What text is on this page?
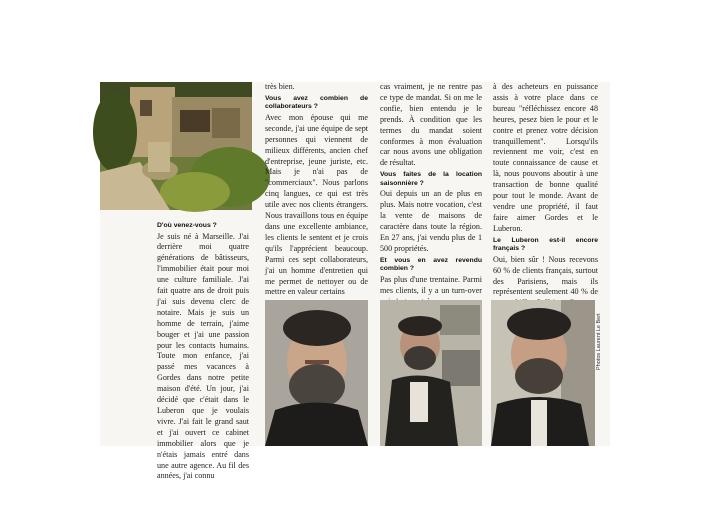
D'où venez-vous ?

Je suis né à Marseille. J'ai derrière moi quatre générations de bâtisseurs, l'immobilier était pour moi une culture familiale. J'ai fait quatre ans de droit puis j'ai suis devenu clerc de notaire. Mais je suis un homme de terrain, j'aime bouger et j'ai une passion pour les contacts humains. Toute mon enfance, j'ai passé mes vacances à Gordes dans notre petite maison d'été. Un jour, j'ai décidé que c'était dans le Luberon que je voulais vivre. J'ai fait le grand saut et j'ai ouvert ce cabinet immobilier alors que je n'étais jamais entré dans une autre agence. Au fil des années, j'ai connu

très bien.

Vous avez combien de collaborateurs ?

Avec mon épouse qui me seconde, j'ai une équipe de sept personnes qui viennent de milieux différents, ancien chef d'entreprise, jeune juriste, etc. Mais je n'ai pas de "commerciaux". Nous parlons cinq langues, ce qui est très utile avec nos clients étrangers. Nous travaillons tous en équipe dans une excellente ambiance, les clients le sentent et je crois qu'ils l'apprécient beaucoup. Parmi ces sept collaborateurs, j'ai un homme d'entretien qui me permet de nettoyer ou de mettre en valeur certains

cas vraiment, je ne rentre pas ce type de mandat. Si on me le confie, bien entendu je le prends. À condition que les termes du mandat soient conformes à mon évaluation car nous avons une obligation de résultat.

Vous faites de la location saisonnière ?

Oui depuis un an de plus en plus. Mais notre vocation, c'est la vente de maisons de caractère dans toute la région. En 27 ans, j'ai vendu plus de 1 500 propriétés.

Et vous en avez revendu combien ?

Pas plus d'une trentaine. Parmi mes clients, il y a un turn-over

à des acheteurs en puissance assis à votre place dans ce bureau "réfléchissez encore 48 heures, pesez bien le pour et le contre et prenez votre décision tranquillement". Lorsqu'ils reviennent me voir, c'est en toute connaissance de cause et là, nous pouvons aboutir à une transaction de bonne qualité pour tout le monde. Avant de vendre une propriété, il faut faire aimer Gordes et le Luberon.

Le Luberon est-il encore français ?

Oui, bien sûr ! Nous recevons 60 % de clients français, surtout des Parisiens, mais ils représentent seulement 40 % de

Photos Laurent Le Bert
